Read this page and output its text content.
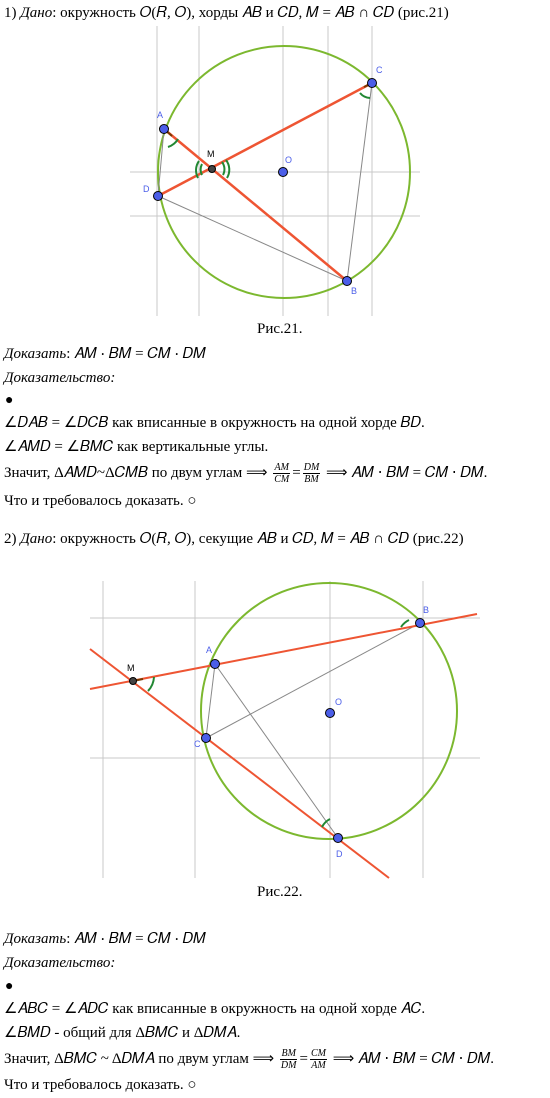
1) Дано: окружность 𝑂(𝑅, 𝑂), хорды 𝐴𝐵 и 𝐶𝐷, 𝑀 = 𝐴𝐵 ∩ 𝐶𝐷 (рис.21)
A
C
D
B
O
M
Рис.21.
Доказать: 𝐴𝑀 ⋅ 𝐵𝑀 = 𝐶𝑀 ⋅ 𝐷𝑀
Доказательство:
●
∠𝐷𝐴𝐵 = ∠𝐷𝐶𝐵 как вписанные в окружность на одной хорде 𝐵𝐷.
∠𝐴𝑀𝐷 = ∠𝐵𝑀𝐶 как вертикальные углы.
Значит, Δ𝐴𝑀𝐷~Δ𝐶𝑀𝐵 по двум углам ⟹ $\frac{AM}{CM} = \frac{DM}{BM}$ ⟹ 𝐴𝑀 ⋅ 𝐵𝑀 = 𝐶𝑀 ⋅ 𝐷𝑀.
Что и требовалось доказать. ○
2) Дано: окружность 𝑂(𝑅, 𝑂), секущие 𝐴𝐵 и 𝐶𝐷, 𝑀 = 𝐴𝐵 ∩ 𝐶𝐷 (рис.22)
A
B
C
D
O
M
Рис.22.
Доказать: 𝐴𝑀 ⋅ 𝐵𝑀 = 𝐶𝑀 ⋅ 𝐷𝑀
Доказательство:
●
∠𝐴𝐵𝐶 = ∠𝐴𝐷𝐶 как вписанные в окружность на одной хорде 𝐴𝐶.
∠𝐵𝑀𝐷 - общий для Δ𝐵𝑀𝐶 и Δ𝐷𝑀𝐴.
Значит, Δ𝐵𝑀𝐶 ~ Δ𝐷𝑀𝐴 по двум углам ⟹ $\frac{BM}{DM} = \frac{CM}{AM}$ ⟹ 𝐴𝑀 ⋅ 𝐵𝑀 = 𝐶𝑀 ⋅ 𝐷𝑀.
Что и требовалось доказать. ○
